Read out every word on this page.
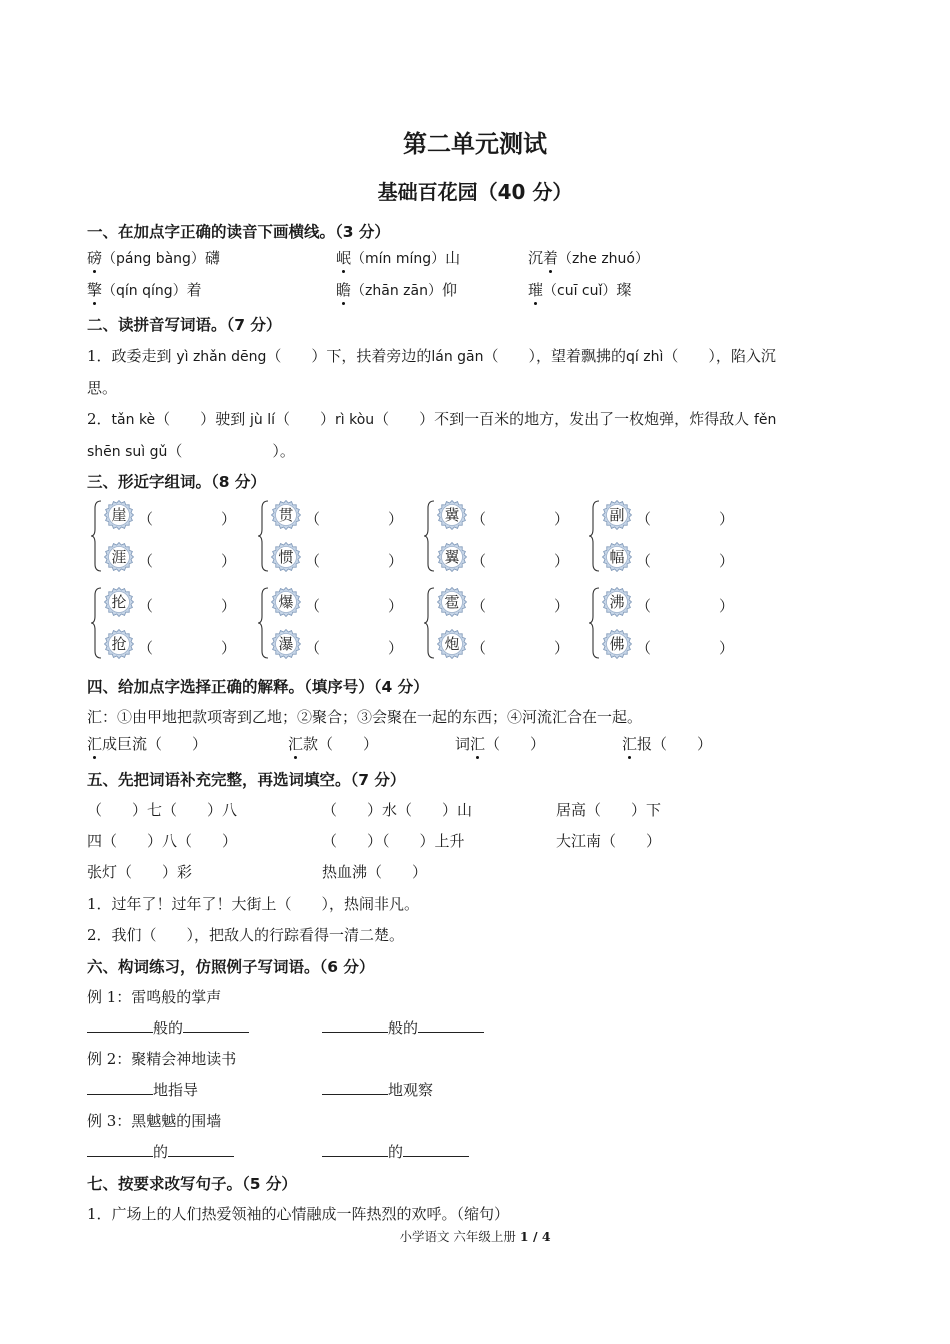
第二单元测试
基础百花园（40 分）
一、在加点字正确的读音下画横线。（3 分）
磅（páng bàng）礴	岷（mín míng）山	沉着（zhe zhuó）
擎（qín qíng）着	瞻（zhān zān）仰	璀（cuī cuǐ）璨
二、读拼音写词语。（7 分）
1．政委走到 yì zhǎn dēng（　　）下，扶着旁边的lán gān（　　），望着飘拂的qí zhì（　　），陷入沉
思。
2．tǎn kè（　　）驶到 jù lí（　　）rì kòu（　　）不到一百米的地方，发出了一枚炮弹，炸得敌人 fěn
shēn suì gǔ（　　　　　　）。
三、形近字组词。（8 分）
崖
涯
（	）
（	）
贯
惯
（	）
（	）
冀
翼
（	）
（	）
副
幅
（	）
（	）
抡
抢
（	）
（	）
爆
瀑
（	）
（	）
雹
炮
（	）
（	）
沸
佛
（	）
（	）
四、给加点字选择正确的解释。（填序号）（4 分）
汇：①由甲地把款项寄到乙地；②聚合；③会聚在一起的东西；④河流汇合在一起。
汇成巨流（　　）	汇款（　　）	词汇（　　）	汇报（　　）
五、先把词语补充完整，再选词填空。（7 分）
（　　）七（　　）八	（　　）水（　　）山	居高（　　）下
四（　　）八（　　）	（　　）（　　）上升	大江南（　　）
张灯（　　）彩	热血沸（　　）
1．过年了！过年了！大街上（　　），热闹非凡。
2．我们（　　），把敌人的行踪看得一清二楚。
六、构词练习，仿照例子写词语。（6 分）
例 1：雷鸣般的掌声
般的	般的
例 2：聚精会神地读书
地指导	地观察
例 3：黑魆魆的围墙
的	的
七、按要求改写句子。（5 分）
1．广场上的人们热爱领袖的心情融成一阵热烈的欢呼。（缩句）
小学语文 六年级上册 1 / 4
